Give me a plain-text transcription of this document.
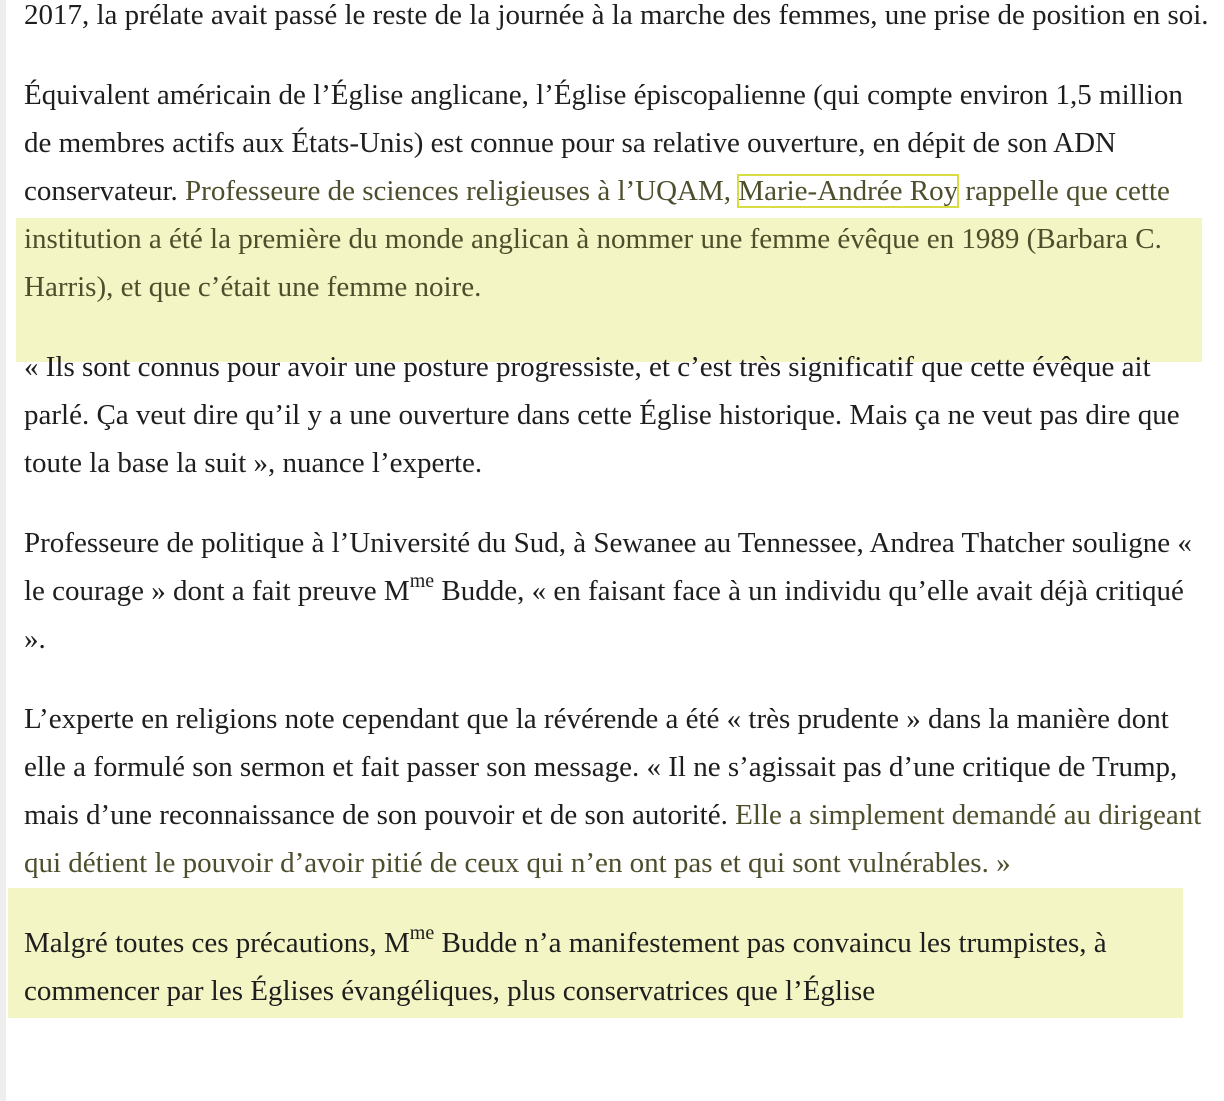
2017, la prélate avait passé le reste de la journée à la marche des femmes, une prise de position en soi.

Équivalent américain de l’Église anglicane, l’Église épiscopalienne (qui compte environ 1,5 million de membres actifs aux États-Unis) est connue pour sa relative ouverture, en dépit de son ADN conservateur. Professeure de sciences religieuses à l’UQAM, Marie-Andrée Roy rappelle que cette institution a été la première du monde anglican à nommer une femme évêque en 1989 (Barbara C. Harris), et que c’était une femme noire.

« Ils sont connus pour avoir une posture progressiste, et c’est très significatif que cette évêque ait parlé. Ça veut dire qu’il y a une ouverture dans cette Église historique. Mais ça ne veut pas dire que toute la base la suit », nuance l’experte.

Professeure de politique à l’Université du Sud, à Sewanee au Tennessee, Andrea Thatcher souligne « le courage » dont a fait preuve $M^{me}$ Budde, « en faisant face à un individu qu’elle avait déjà critiqué ».

L’experte en religions note cependant que la révérende a été « très prudente » dans la manière dont elle a formulé son sermon et fait passer son message. « Il ne s’agissait pas d’une critique de Trump, mais d’une reconnaissance de son pouvoir et de son autorité. Elle a simplement demandé au dirigeant qui détient le pouvoir d’avoir pitié de ceux qui n’en ont pas et qui sont vulnérables. »

Malgré toutes ces précautions, $M^{me}$ Budde n’a manifestement pas convaincu les trumpistes, à commencer par les Églises évangéliques, plus conservatrices que l’Église
